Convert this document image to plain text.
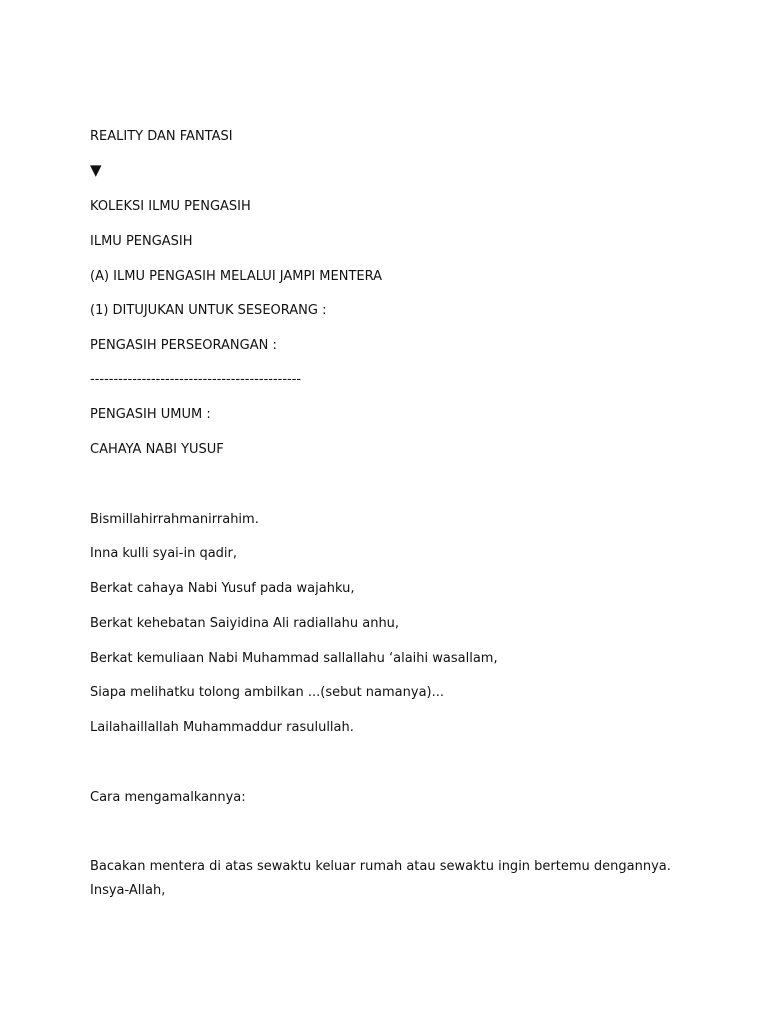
REALITY DAN FANTASI
▼
KOLEKSI ILMU PENGASIH
ILMU PENGASIH
(A) ILMU PENGASIH MELALUI JAMPI MENTERA
(1) DITUJUKAN UNTUK SESEORANG :
PENGASIH PERSEORANGAN :
---------------------------------------------
PENGASIH UMUM :
CAHAYA NABI YUSUF
Bismillahirrahmanirrahim.
Inna kulli syai-in qadir,
Berkat cahaya Nabi Yusuf pada wajahku,
Berkat kehebatan Saiyidina Ali radiallahu anhu,
Berkat kemuliaan Nabi Muhammad sallallahu ‘alaihi wasallam,
Siapa melihatku tolong ambilkan ...(sebut namanya)...
Lailahaillallah Muhammaddur rasulullah.
Cara mengamalkannya:
Bacakan mentera di atas sewaktu keluar rumah atau sewaktu ingin bertemu dengannya. Insya-Allah,
